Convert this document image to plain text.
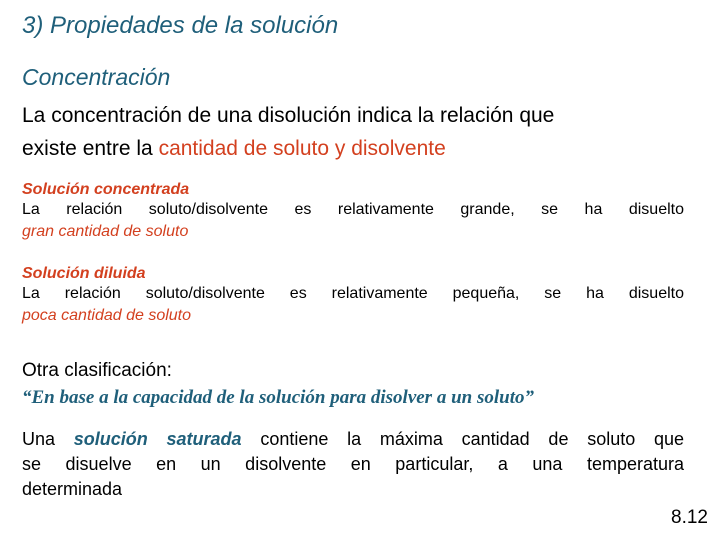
3) Propiedades de la solución
Concentración
La concentración de una disolución indica la relación que
existe entre la cantidad de soluto y disolvente
Solución concentrada
La relación soluto/disolvente es relativamente grande, se ha disuelto
gran cantidad de soluto
Solución diluida
La relación soluto/disolvente es relativamente pequeña, se ha disuelto
poca cantidad de soluto
Otra clasificación:
“En base a la capacidad de la solución para disolver a un soluto”
Una solución saturada contiene la máxima cantidad de soluto que
se disuelve en un disolvente en particular, a una temperatura
determinada
8.12
